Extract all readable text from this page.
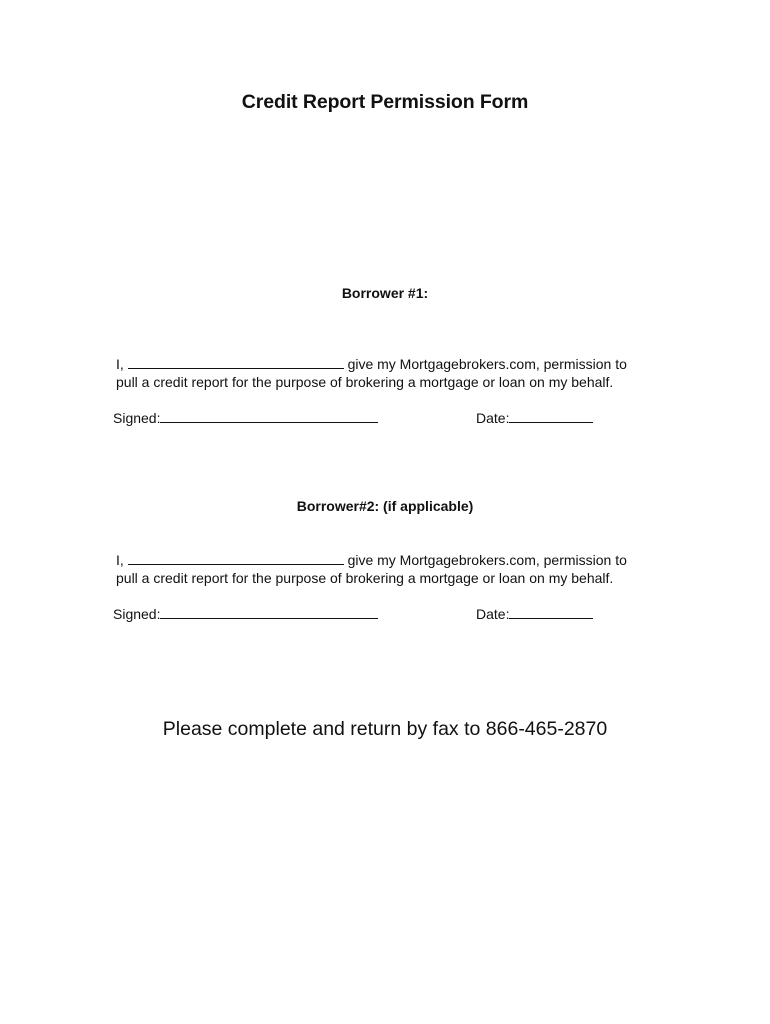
Credit Report Permission Form
Borrower #1:
I,	give my Mortgagebrokers.com, permission to
pull a credit report for the purpose of brokering a mortgage or loan on my behalf.
Signed:	Date:
Borrower#2: (if applicable)
I,	give my Mortgagebrokers.com, permission to
pull a credit report for the purpose of brokering a mortgage or loan on my behalf.
Signed:	Date:
Please complete and return by fax to 866-465-2870
